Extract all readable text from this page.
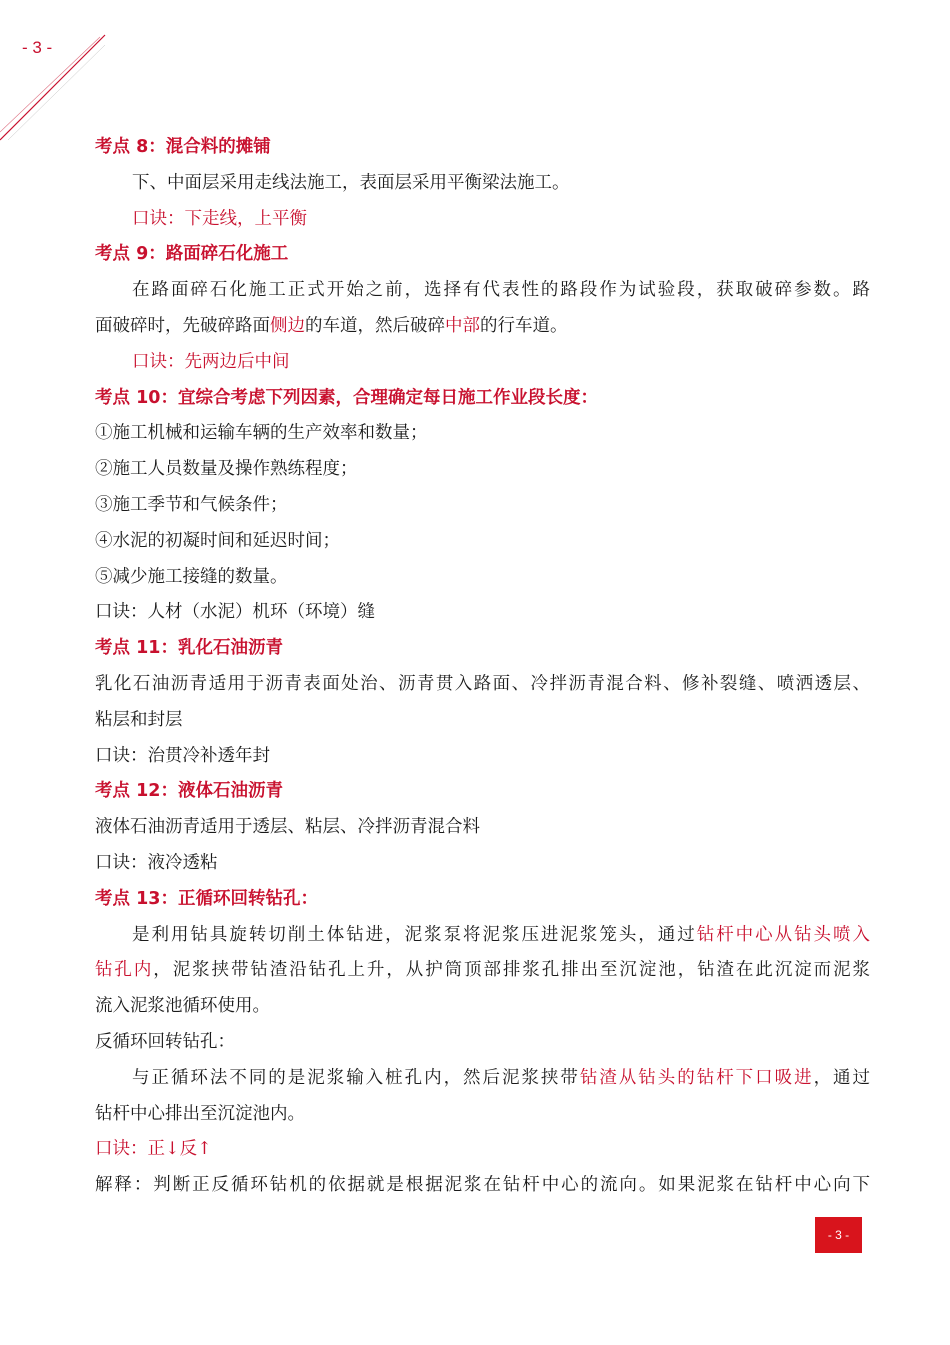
- 3 -
考点 8：混合料的摊铺
下、中面层采用走线法施工，表面层采用平衡梁法施工。
口诀：下走线，上平衡
考点 9：路面碎石化施工
在路面碎石化施工正式开始之前，选择有代表性的路段作为试验段，获取破碎参数。路
面破碎时，先破碎路面侧边的车道，然后破碎中部的行车道。
口诀：先两边后中间
考点 10：宜综合考虑下列因素，合理确定每日施工作业段长度：
①施工机械和运输车辆的生产效率和数量；
②施工人员数量及操作熟练程度；
③施工季节和气候条件；
④水泥的初凝时间和延迟时间；
⑤减少施工接缝的数量。
口诀：人材（水泥）机环（环境）缝
考点 11：乳化石油沥青
乳化石油沥青适用于沥青表面处治、沥青贯入路面、冷拌沥青混合料、修补裂缝、喷洒透层、
粘层和封层
口诀：治贯冷补透年封
考点 12：液体石油沥青
液体石油沥青适用于透层、粘层、冷拌沥青混合料
口诀：液冷透粘
考点 13：正循环回转钻孔：
是利用钻具旋转切削土体钻进，泥浆泵将泥浆压进泥浆笼头，通过钻杆中心从钻头喷入
钻孔内，泥浆挟带钻渣沿钻孔上升，从护筒顶部排浆孔排出至沉淀池，钻渣在此沉淀而泥浆
流入泥浆池循环使用。
反循环回转钻孔：
与正循环法不同的是泥浆输入桩孔内，然后泥浆挟带钻渣从钻头的钻杆下口吸进，通过
钻杆中心排出至沉淀池内。
口诀：正↓反↑
解释：判断正反循环钻机的依据就是根据泥浆在钻杆中心的流向。如果泥浆在钻杆中心向下
- 3 -
